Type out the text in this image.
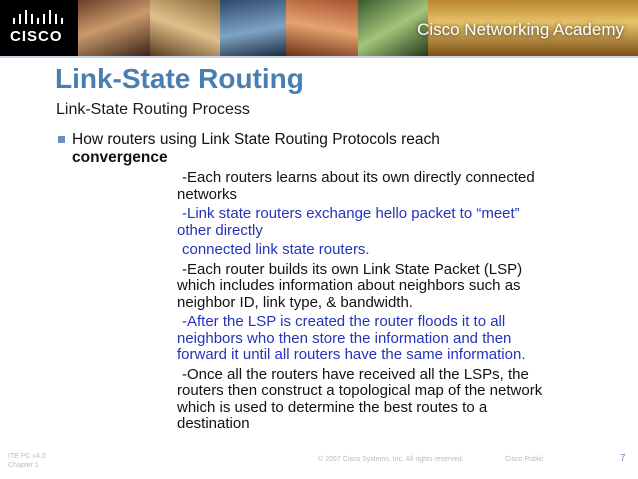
CISCO	Cisco Networking Academy
Link-State Routing

Link-State Routing Process

How routers using Link State Routing Protocols reach
convergence

-Each routers learns about its own directly connected
networks

-Link state routers exchange hello packet to “meet”
other directly

connected link state routers.

-Each router builds its own Link State Packet (LSP)
which includes information about neighbors such as
neighbor ID, link type, & bandwidth.

-After the LSP is created the router floods it to all
neighbors who then store the information and then
forward it until all routers have the same information.

-Once all the routers have received all the LSPs, the
routers then construct a topological map of the network
which is used to determine the best routes to a
destination

ITE PC v4.0
Chapter 1
© 2007 Cisco Systems, Inc. All rights reserved.	Cisco Public	7
